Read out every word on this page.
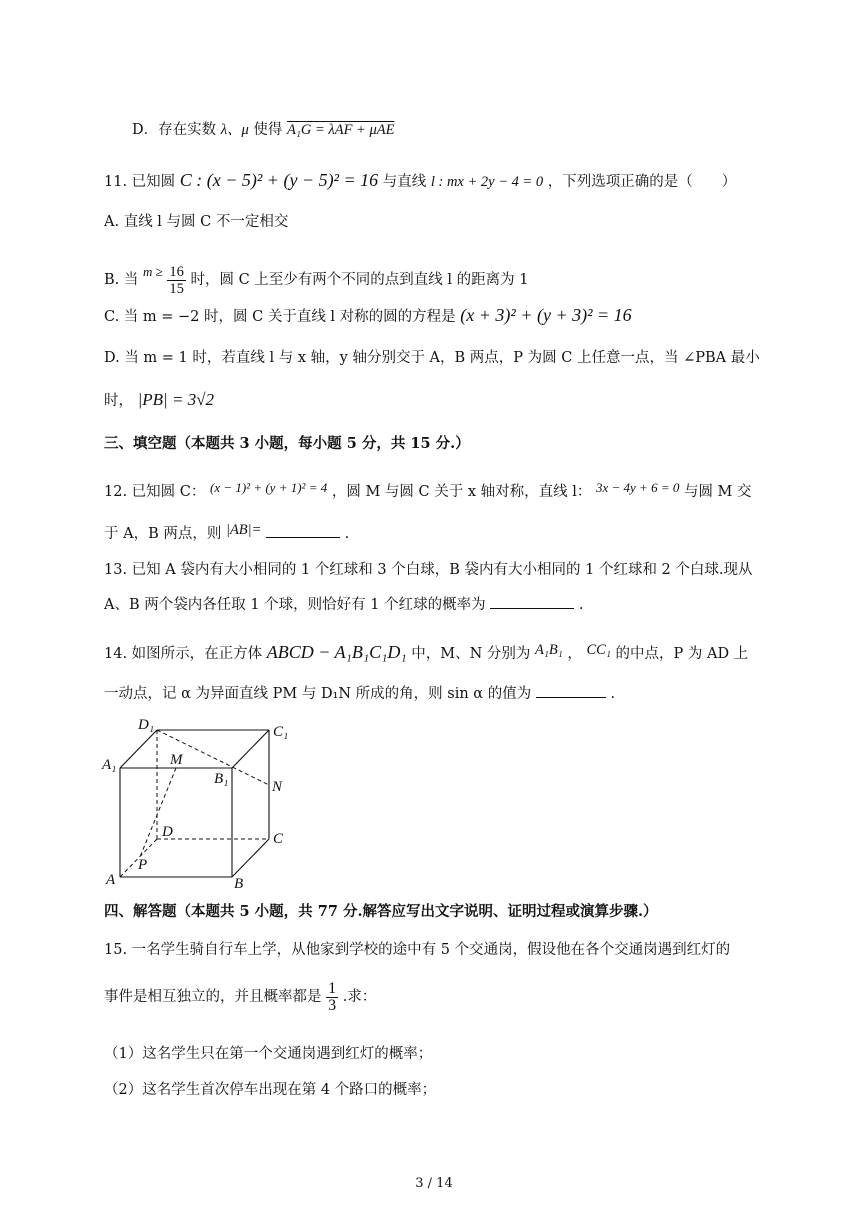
D．存在实数 λ、μ 使得 A₁G = λAF + μAE
11. 已知圆 C : (x − 5)² + (y − 5)² = 16 与直线 l : mx + 2y − 4 = 0 ，下列选项正确的是（　　）
A. 直线 l 与圆 C 不一定相交
B. 当 $m \ge \frac{16}{15}$ 时，圆 C 上至少有两个不同的点到直线 l 的距离为 1
C. 当 m = −2 时，圆 C 关于直线 l 对称的圆的方程是 (x + 3)² + (y + 3)² = 16
D. 当 m = 1 时，若直线 l 与 x 轴，y 轴分别交于 A，B 两点，P 为圆 C 上任意一点，当 ∠PBA 最小
时， |PB| = 3√2
三、填空题（本题共 3 小题，每小题 5 分，共 15 分.）
12. 已知圆 C： (x − 1)² + (y + 1)² = 4 ，圆 M 与圆 C 关于 x 轴对称，直线 l： 3x − 4y + 6 = 0 与圆 M 交
于 A，B 两点，则 |AB|=	.
13. 已知 A 袋内有大小相同的 1 个红球和 3 个白球，B 袋内有大小相同的 1 个红球和 2 个白球.现从
A、B 两个袋内各任取 1 个球，则恰好有 1 个红球的概率为	.
14. 如图所示，在正方体 ABCD − A₁B₁C₁D₁ 中，M、N 分别为 A₁B₁ ， CC₁ 的中点，P 为 AD 上
一动点，记 α 为异面直线 PM 与 D₁N 所成的角，则 sin α 的值为	.
D₁	C₁
A₁	M
B₁	N
D	C
P
A	B
四、解答题（本题共 5 小题，共 77 分.解答应写出文字说明、证明过程或演算步骤.）
15. 一名学生骑自行车上学，从他家到学校的途中有 5 个交通岗，假设他在各个交通岗遇到红灯的
事件是相互独立的，并且概率都是 $\frac{1}{3}$ .求：
（1）这名学生只在第一个交通岗遇到红灯的概率；
（2）这名学生首次停车出现在第 4 个路口的概率；
3 / 14
